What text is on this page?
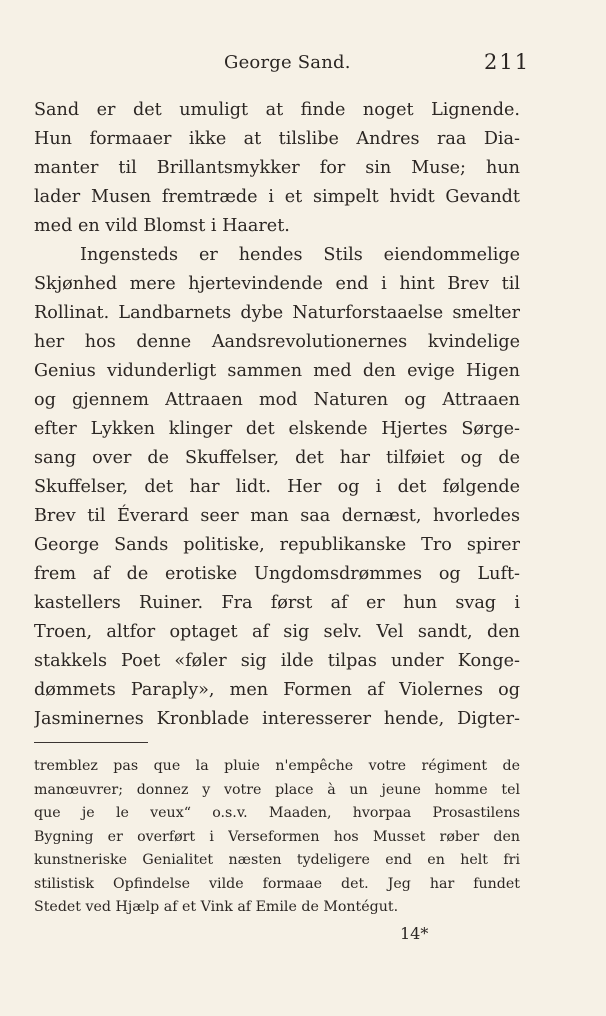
George Sand.	211
Sand er det umuligt at finde noget Lignende.
Hun formaaer ikke at tilslibe Andres raa Dia-
manter til Brillantsmykker for sin Muse; hun
lader Musen fremtræde i et simpelt hvidt Gevandt
med en vild Blomst i Haaret.
Ingensteds er hendes Stils eiendommelige
Skjønhed mere hjertevindende end i hint Brev til
Rollinat. Landbarnets dybe Naturforstaaelse smelter
her hos denne Aandsrevolutionernes kvindelige
Genius vidunderligt sammen med den evige Higen
og gjennem Attraaen mod Naturen og Attraaen
efter Lykken klinger det elskende Hjertes Sørge-
sang over de Skuffelser, det har tilføiet og de
Skuffelser, det har lidt. Her og i det følgende
Brev til Éverard seer man saa dernæst, hvorledes
George Sands politiske, republikanske Tro spirer
frem af de erotiske Ungdomsdrømmes og Luft-
kastellers Ruiner. Fra først af er hun svag i
Troen, altfor optaget af sig selv. Vel sandt, den
stakkels Poet «føler sig ilde tilpas under Konge-
dømmets Paraply», men Formen af Violernes og
Jasminernes Kronblade interesserer hende, Digter-
tremblez pas que la pluie n'empêche votre régiment de
manœuvrer; donnez y votre place à un jeune homme tel
que je le veux“ o.s.v. Maaden, hvorpaa Prosastilens
Bygning er overført i Verseformen hos Musset røber den
kunstneriske Genialitet næsten tydeligere end en helt fri
stilistisk Opfindelse vilde formaae det. Jeg har fundet
Stedet ved Hjælp af et Vink af Emile de Montégut.
14*
